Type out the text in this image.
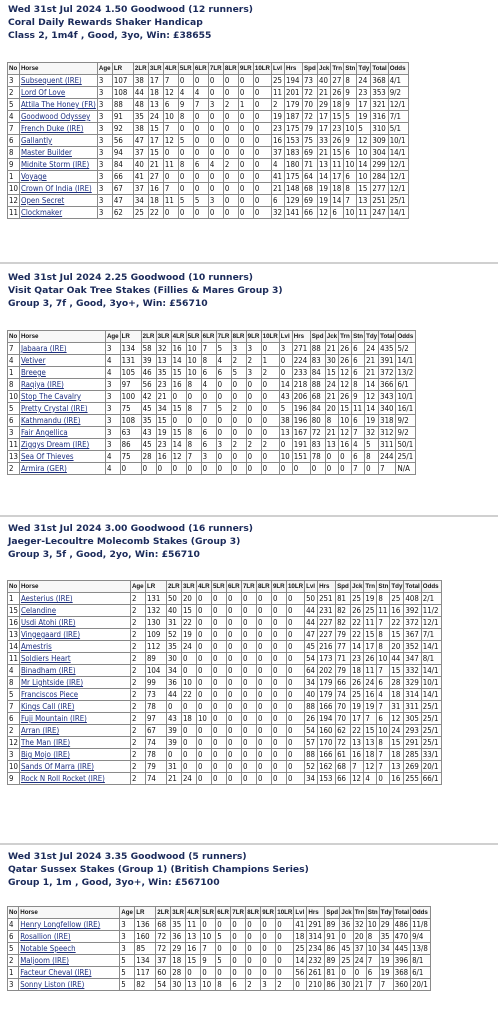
Wed 31st Jul 2024 1.50 Goodwood (12 runners)
Coral Daily Rewards Shaker Handicap
Class 2, 1m4f , Good, 3yo, Win: £38655
No	Horse	Age	LR	2LR	3LR	4LR	5LR	6LR	7LR	8LR	9LR	10LR	Lvl	Hrs	Spd	Jck	Trn	Stn	Tdy	Total	Odds
3	Subsequent (IRE)	3	107	38	17	7	0	0	0	0	0	0	25	194	73	40	27	8	24	368	4/1
2	Lord Of Love	3	108	44	18	12	4	4	0	0	0	0	11	201	72	21	26	9	23	353	9/2
5	Attila The Honey (FR)	3	88	48	13	6	9	7	3	2	1	0	2	179	70	29	18	9	17	321	12/1
4	Goodwood Odyssey	3	91	35	24	10	8	0	0	0	0	0	19	187	72	17	15	5	19	316	7/1
7	French Duke (IRE)	3	92	38	15	7	0	0	0	0	0	0	23	175	79	17	23	10	5	310	5/1
6	Gallantly	3	56	47	17	12	5	0	0	0	0	0	16	153	75	33	26	9	12	309	10/1
8	Master Builder	3	94	37	15	0	0	0	0	0	0	0	37	183	69	21	15	6	10	304	14/1
9	Midnite Storm (IRE)	3	84	40	21	11	8	6	4	2	0	0	4	180	71	13	11	10	14	299	12/1
1	Voyage	3	66	41	27	0	0	0	0	0	0	0	41	175	64	14	17	6	10	284	12/1
10	Crown Of India (IRE)	3	67	37	16	7	0	0	0	0	0	0	21	148	68	19	18	8	15	277	12/1
12	Open Secret	3	47	34	18	11	5	5	3	0	0	0	6	129	69	19	14	7	13	251	25/1
11	Clockmaker	3	62	25	22	0	0	0	0	0	0	0	32	141	66	12	6	10	11	247	14/1
Wed 31st Jul 2024 2.25 Goodwood (10 runners)
Visit Qatar Oak Tree Stakes (Fillies & Mares Group 3)
Group 3, 7f , Good, 3yo+, Win: £56710
No	Horse	Age	LR	2LR	3LR	4LR	5LR	6LR	7LR	8LR	9LR	10LR	Lvl	Hrs	Spd	Jck	Trn	Stn	Tdy	Total	Odds
7	Jabaara (IRE)	3	134	58	32	16	10	7	5	3	3	0	3	271	88	21	26	6	24	435	5/2
4	Vetiver	4	131	39	13	14	10	8	4	2	2	1	0	224	83	30	26	6	21	391	14/1
1	Breege	4	105	46	35	15	10	6	6	5	3	2	0	233	84	15	12	6	21	372	13/2
8	Raqiya (IRE)	3	97	56	23	16	8	4	0	0	0	0	14	218	88	24	12	8	14	366	6/1
10	Stop The Cavalry	3	100	42	21	0	0	0	0	0	0	0	43	206	68	21	26	9	12	343	10/1
5	Pretty Crystal (IRE)	3	75	45	34	15	8	7	5	2	0	0	5	196	84	20	15	11	14	340	16/1
6	Kathmandu (IRE)	3	108	35	15	0	0	0	0	0	0	0	38	196	80	8	10	6	19	318	9/2
3	Fair Angellica	3	63	43	19	15	8	6	0	0	0	0	13	167	72	21	12	7	32	312	9/2
11	Ziggys Dream (IRE)	3	86	45	23	14	8	6	3	2	2	2	0	191	83	13	16	4	5	311	50/1
13	Sea Of Thieves	4	75	28	16	12	7	3	0	0	0	0	10	151	78	0	0	6	8	244	25/1
2	Armira (GER)	4	0	0	0	0	0	0	0	0	0	0	0	0	0	0	0	7	0	7	N/A
Wed 31st Jul 2024 3.00 Goodwood (16 runners)
Jaeger-Lecoultre Molecomb Stakes (Group 3)
Group 3, 5f , Good, 2yo, Win: £56710
No	Horse	Age	LR	2LR	3LR	4LR	5LR	6LR	7LR	8LR	9LR	10LR	Lvl	Hrs	Spd	Jck	Trn	Stn	Tdy	Total	Odds
1	Aesterius (IRE)	2	131	50	20	0	0	0	0	0	0	0	50	251	81	25	19	8	25	408	2/1
15	Celandine	2	132	40	15	0	0	0	0	0	0	0	44	231	82	26	25	11	16	392	11/2
16	Usdi Atohi (IRE)	2	130	31	22	0	0	0	0	0	0	0	44	227	82	22	11	7	22	372	12/1
13	Vingegaard (IRE)	2	109	52	19	0	0	0	0	0	0	0	47	227	79	22	15	8	15	367	7/1
14	Amestris	2	112	35	24	0	0	0	0	0	0	0	45	216	77	14	17	8	20	352	14/1
11	Soldiers Heart	2	89	30	0	0	0	0	0	0	0	0	54	173	71	23	26	10	44	347	8/1
4	Binadham (IRE)	2	104	34	0	0	0	0	0	0	0	0	64	202	79	18	11	7	15	332	14/1
8	Mr Lightside (IRE)	2	99	36	10	0	0	0	0	0	0	0	34	179	66	26	24	6	28	329	10/1
5	Franciscos Piece	2	73	44	22	0	0	0	0	0	0	0	40	179	74	25	16	4	18	314	14/1
7	Kings Call (IRE)	2	78	0	0	0	0	0	0	0	0	0	88	166	70	19	19	7	31	311	25/1
6	Fuji Mountain (IRE)	2	97	43	18	10	0	0	0	0	0	0	26	194	70	17	7	6	12	305	25/1
2	Arran (IRE)	2	67	39	0	0	0	0	0	0	0	0	54	160	62	22	15	10	24	293	25/1
12	The Man (IRE)	2	74	39	0	0	0	0	0	0	0	0	57	170	72	13	13	8	15	291	25/1
3	Big Mojo (IRE)	2	78	0	0	0	0	0	0	0	0	0	88	166	61	16	18	7	18	285	33/1
10	Sands Of Marra (IRE)	2	79	31	0	0	0	0	0	0	0	0	52	162	68	7	12	7	13	269	20/1
9	Rock N Roll Rocket (IRE)	2	74	21	24	0	0	0	0	0	0	0	34	153	66	12	4	0	16	255	66/1
Wed 31st Jul 2024 3.35 Goodwood (5 runners)
Qatar Sussex Stakes (Group 1) (British Champions Series)
Group 1, 1m , Good, 3yo+, Win: £567100
No	Horse	Age	LR	2LR	3LR	4LR	5LR	6LR	7LR	8LR	9LR	10LR	Lvl	Hrs	Spd	Jck	Trn	Stn	Tdy	Total	Odds
4	Henry Longfellow (IRE)	3	136	68	35	11	0	0	0	0	0	0	41	291	89	36	32	10	29	486	11/8
6	Rosallion (IRE)	3	160	72	36	13	10	5	0	0	0	0	18	314	91	0	20	8	35	470	9/4
5	Notable Speech	3	85	72	29	16	7	0	0	0	0	0	25	234	86	45	37	10	34	445	13/8
2	Maljoom (IRE)	5	134	37	18	15	9	5	0	0	0	0	14	232	89	25	24	7	19	396	8/1
1	Facteur Cheval (IRE)	5	117	60	28	0	0	0	0	0	0	0	56	261	81	0	0	6	19	368	6/1
3	Sonny Liston (IRE)	5	82	54	30	13	10	8	6	2	3	2	0	210	86	30	21	7	7	360	20/1
